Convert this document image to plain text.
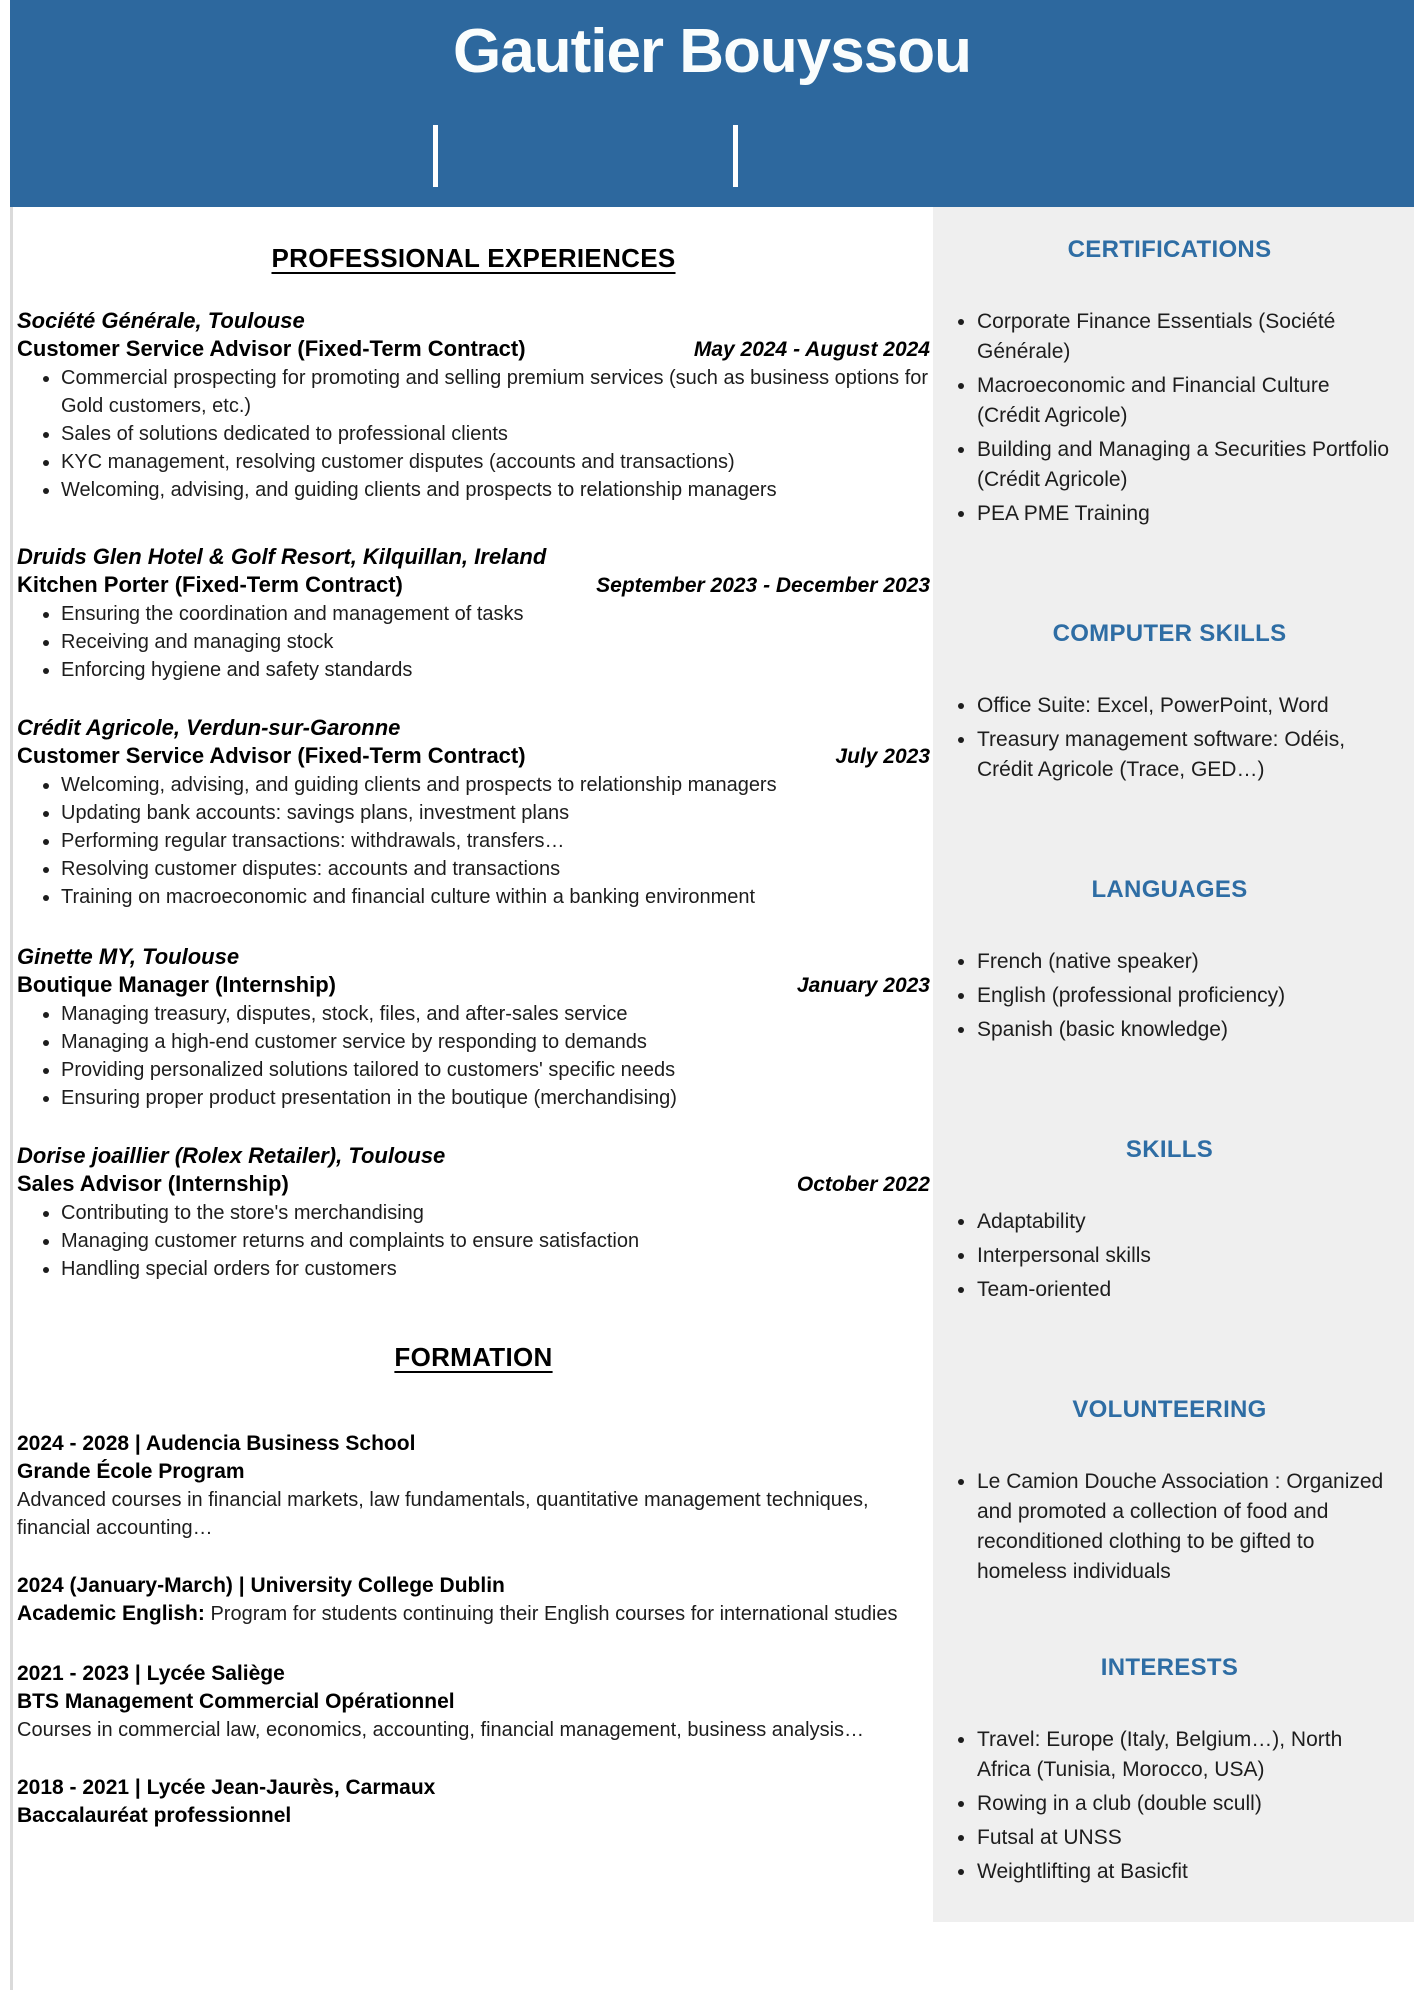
Gautier Bouyssou
PROFESSIONAL EXPERIENCES

Société Générale, Toulouse

Customer Service Advisor (Fixed-Term Contract)	May 2024 - August 2024
• Commercial prospecting for promoting and selling premium services (such as business options for Gold customers, etc.)
• Sales of solutions dedicated to professional clients
• KYC management, resolving customer disputes (accounts and transactions)
• Welcoming, advising, and guiding clients and prospects to relationship managers

Druids Glen Hotel & Golf Resort, Kilquillan, Ireland

Kitchen Porter (Fixed-Term Contract)	September 2023 - December 2023
• Ensuring the coordination and management of tasks
• Receiving and managing stock
• Enforcing hygiene and safety standards

Crédit Agricole, Verdun-sur-Garonne

Customer Service Advisor (Fixed-Term Contract)	July 2023
• Welcoming, advising, and guiding clients and prospects to relationship managers
• Updating bank accounts: savings plans, investment plans
• Performing regular transactions: withdrawals, transfers…
• Resolving customer disputes: accounts and transactions
• Training on macroeconomic and financial culture within a banking environment

Ginette MY, Toulouse

Boutique Manager (Internship)	January 2023
• Managing treasury, disputes, stock, files, and after-sales service
• Managing a high-end customer service by responding to demands
• Providing personalized solutions tailored to customers' specific needs
• Ensuring proper product presentation in the boutique (merchandising)

Dorise joaillier (Rolex Retailer), Toulouse

Sales Advisor (Internship)	October 2022
• Contributing to the store's merchandising
• Managing customer returns and complaints to ensure satisfaction
• Handling special orders for customers
FORMATION

2024 - 2028 | Audencia Business School

Grande École Program

Advanced courses in financial markets, law fundamentals, quantitative management techniques, financial accounting…

2024 (January-March) | University College Dublin

Academic English: Program for students continuing their English courses for international studies

2021 - 2023 | Lycée Saliège

BTS Management Commercial Opérationnel

Courses in commercial law, economics, accounting, financial management, business analysis…

2018 - 2021 | Lycée Jean-Jaurès, Carmaux

Baccalauréat professionnel

CERTIFICATIONS
• Corporate Finance Essentials (Société Générale)
• Macroeconomic and Financial Culture (Crédit Agricole)
• Building and Managing a Securities Portfolio (Crédit Agricole)
• PEA PME Training
COMPUTER SKILLS
• Office Suite: Excel, PowerPoint, Word
• Treasury management software: Odéis, Crédit Agricole (Trace, GED…)
LANGUAGES
• French (native speaker)
• English (professional proficiency)
• Spanish (basic knowledge)
SKILLS
• Adaptability
• Interpersonal skills
• Team-oriented
VOLUNTEERING
• Le Camion Douche Association : Organized and promoted a collection of food and reconditioned clothing to be gifted to homeless individuals
INTERESTS
• Travel: Europe (Italy, Belgium…), North Africa (Tunisia, Morocco, USA)
• Rowing in a club (double scull)
• Futsal at UNSS
• Weightlifting at Basicfit
